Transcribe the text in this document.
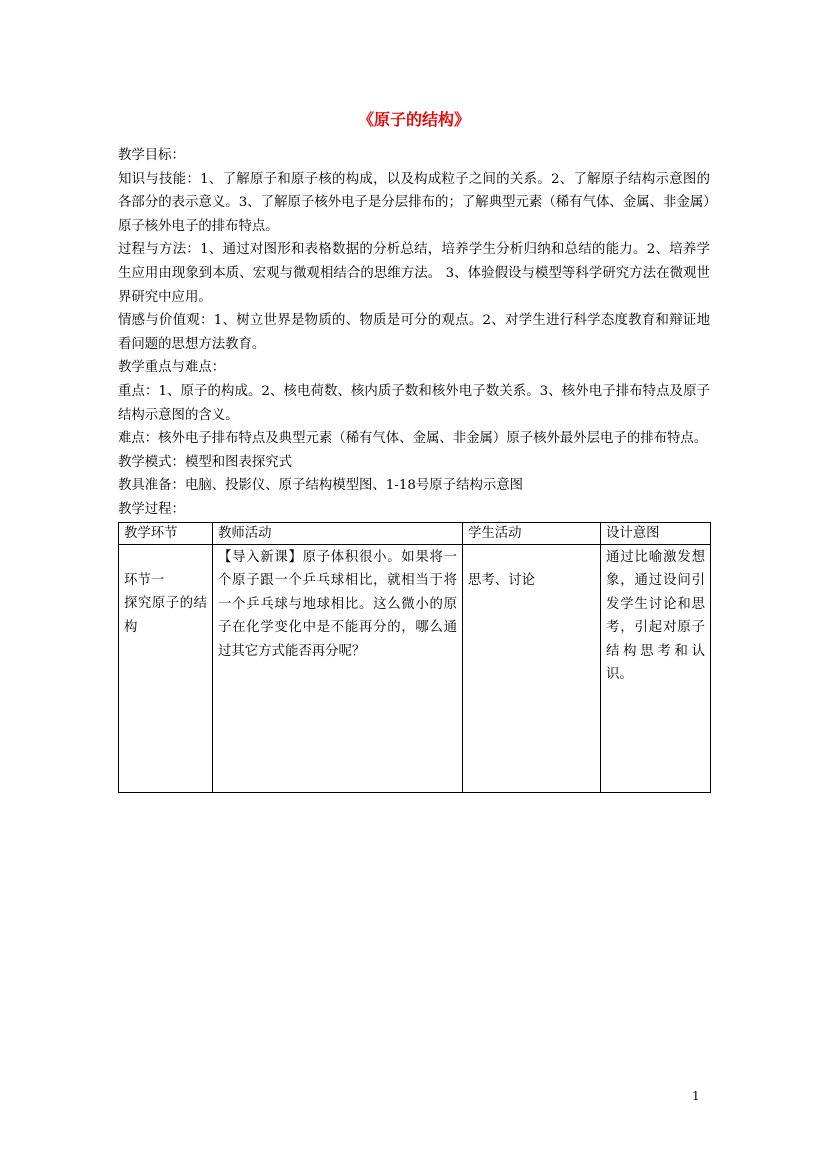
《原子的结构》

教学目标：

知识与技能：1、了解原子和原子核的构成，以及构成粒子之间的关系。2、了解原子结构示意图的各部分的表示意义。3、了解原子核外电子是分层排布的；了解典型元素（稀有气体、金属、非金属）原子核外电子的排布特点。

过程与方法：1、通过对图形和表格数据的分析总结，培养学生分析归纳和总结的能力。2、培养学生应用由现象到本质、宏观与微观相结合的思维方法。 3、体验假设与模型等科学研究方法在微观世界研究中应用。

情感与价值观：1、树立世界是物质的、物质是可分的观点。2、对学生进行科学态度教育和辩证地看问题的思想方法教育。

教学重点与难点：

重点：1、原子的构成。2、核电荷数、核内质子数和核外电子数关系。3、核外电子排布特点及原子结构示意图的含义。

难点：核外电子排布特点及典型元素（稀有气体、金属、非金属）原子核外最外层电子的排布特点。

教学模式：模型和图表探究式

教具准备：电脑、投影仪、原子结构模型图、1-18号原子结构示意图

教学过程：

教学环节	教师活动	学生活动	设计意图

环节一
探究原子的结构	【导入新课】原子体积很小。如果将一个原子跟一个乒乓球相比，就相当于将一个乒乓球与地球相比。这么微小的原子在化学变化中是不能再分的，哪么通过其它方式能否再分呢？	思考、讨论	通过比喻激发想象，通过设问引发学生讨论和思考，引起对原子结构思考和认识。
1
